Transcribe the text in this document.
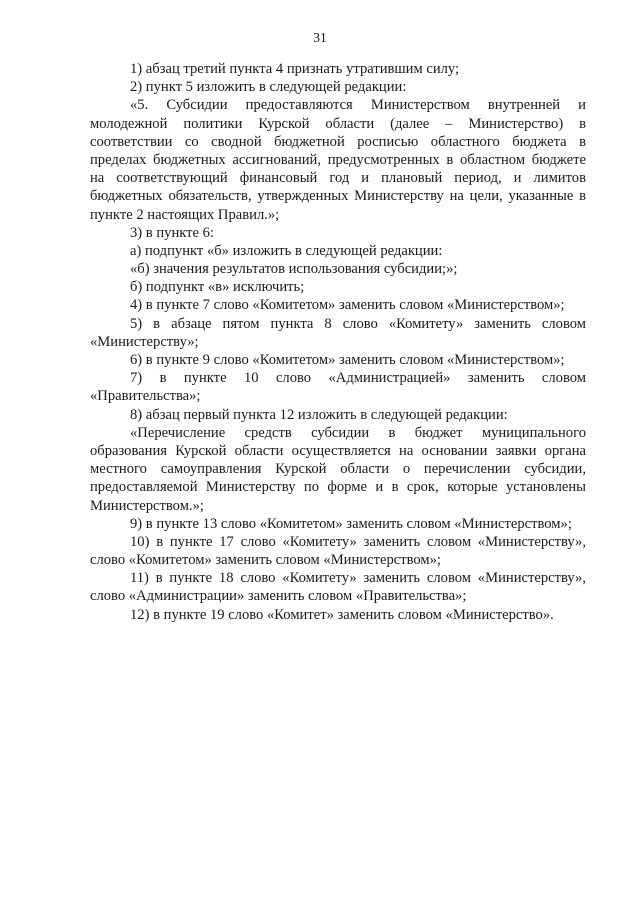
31
1) абзац третий пункта 4 признать утратившим силу;
2) пункт 5 изложить в следующей редакции:
«5. Субсидии предоставляются Министерством внутренней и
молодежной политики Курской области (далее – Министерство) в
соответствии со сводной бюджетной росписью областного бюджета в
пределах бюджетных ассигнований, предусмотренных в областном бюджете
на соответствующий финансовый год и плановый период, и лимитов
бюджетных обязательств, утвержденных Министерству на цели, указанные в
пункте 2 настоящих Правил.»;
3) в пункте 6:
а) подпункт «б» изложить в следующей редакции:
«б) значения результатов использования субсидии;»;
б) подпункт «в» исключить;
4) в пункте 7 слово «Комитетом» заменить словом «Министерством»;
5) в абзаце пятом пункта 8 слово «Комитету» заменить словом
«Министерству»;
6) в пункте 9 слово «Комитетом» заменить словом «Министерством»;
7) в пункте 10 слово «Администрацией» заменить словом
«Правительства»;
8) абзац первый пункта 12 изложить в следующей редакции:
«Перечисление средств субсидии в бюджет муниципального
образования Курской области осуществляется на основании заявки органа
местного самоуправления Курской области о перечислении субсидии,
предоставляемой Министерству по форме и в срок, которые установлены
Министерством.»;
9) в пункте 13 слово «Комитетом» заменить словом «Министерством»;
10) в пункте 17 слово «Комитету» заменить словом «Министерству»,
слово «Комитетом» заменить словом «Министерством»;
11) в пункте 18 слово «Комитету» заменить словом «Министерству»,
слово «Администрации» заменить словом «Правительства»;
12) в пункте 19 слово «Комитет» заменить словом «Министерство».
